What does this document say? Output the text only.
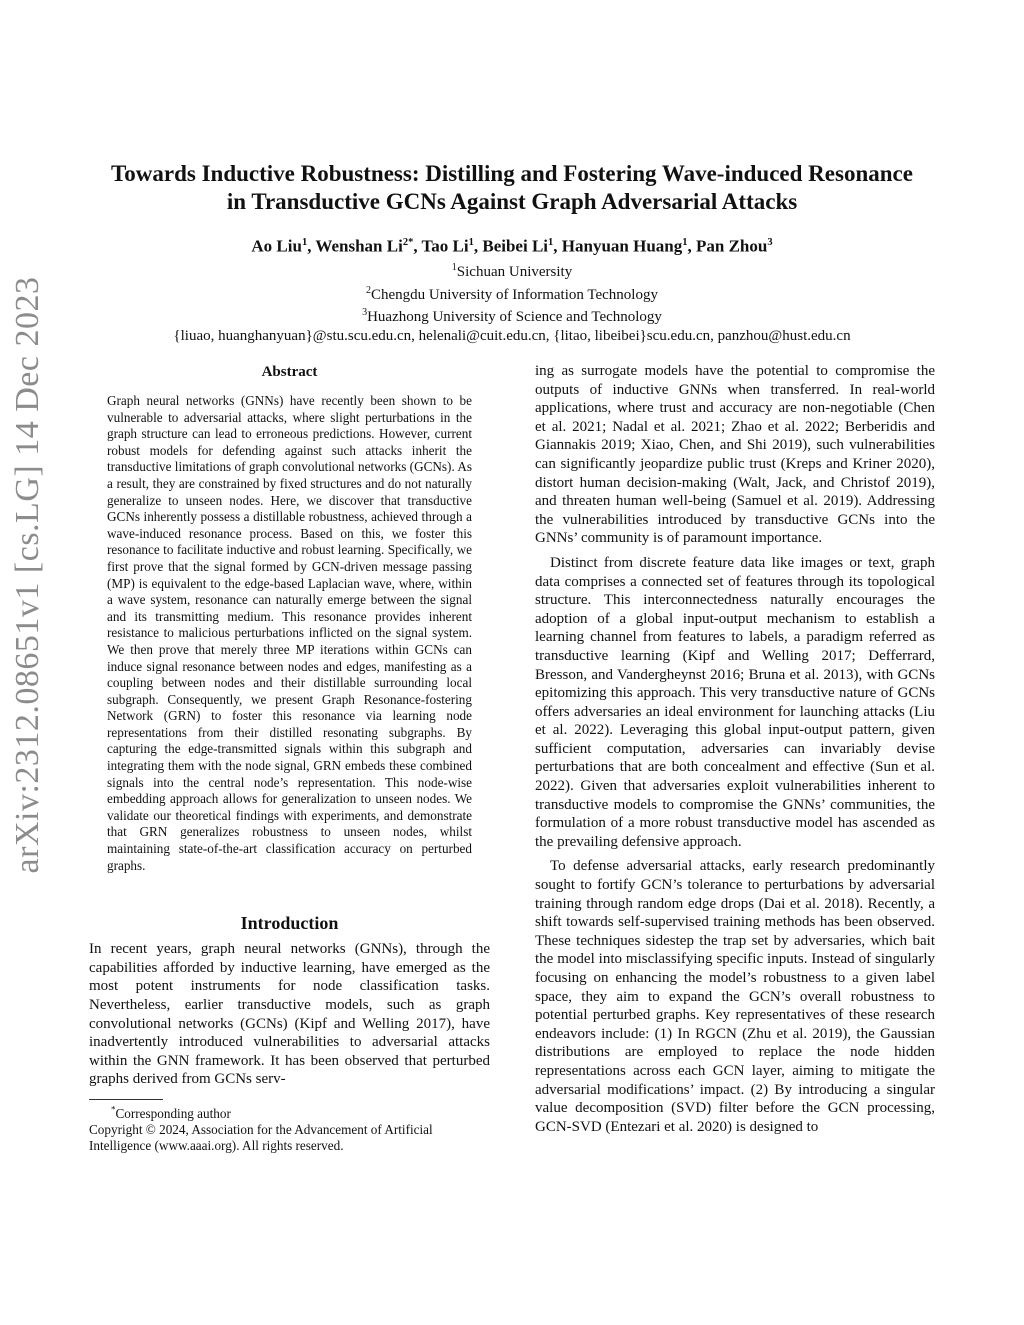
arXiv:2312.08651v1 [cs.LG] 14 Dec 2023
Towards Inductive Robustness: Distilling and Fostering Wave-induced Resonance
in Transductive GCNs Against Graph Adversarial Attacks
Ao Liu$^1$, Wenshan $Li^{2*}$, Tao Li$^1$, Beibei Li$^1$, Hanyuan Huang$^1$, Pan Zhou$^3$
$^1$Sichuan University
$^2$Chengdu University of Information Technology
$^3$Huazhong University of Science and Technology
{liuao, huanghanyuan}@stu.scu.edu.cn, helenali@cuit.edu.cn, {litao, libeibei}scu.edu.cn, panzhou@hust.edu.cn
Abstract

Graph neural networks (GNNs) have recently been shown to be vulnerable to adversarial attacks, where slight perturbations in the graph structure can lead to erroneous predictions. However, current robust models for defending against such attacks inherit the transductive limitations of graph convolutional networks (GCNs). As a result, they are constrained by fixed structures and do not naturally generalize to unseen nodes. Here, we discover that transductive GCNs inherently possess a distillable robustness, achieved through a wave-induced resonance process. Based on this, we foster this resonance to facilitate inductive and robust learning. Specifically, we first prove that the signal formed by GCN-driven message passing (MP) is equivalent to the edge-based Laplacian wave, where, within a wave system, resonance can naturally emerge between the signal and its transmitting medium. This resonance provides inherent resistance to malicious perturbations inflicted on the signal system. We then prove that merely three MP iterations within GCNs can induce signal resonance between nodes and edges, manifesting as a coupling between nodes and their distillable surrounding local subgraph. Consequently, we present Graph Resonance-fostering Network (GRN) to foster this resonance via learning node representations from their distilled resonating subgraphs. By capturing the edge-transmitted signals within this subgraph and integrating them with the node signal, GRN embeds these combined signals into the central node’s representation. This node-wise embedding approach allows for generalization to unseen nodes. We validate our theoretical findings with experiments, and demonstrate that GRN generalizes robustness to unseen nodes, whilst maintaining state-of-the-art classification accuracy on perturbed graphs.

Introduction

In recent years, graph neural networks (GNNs), through the capabilities afforded by inductive learning, have emerged as the most potent instruments for node classification tasks. Nevertheless, earlier transductive models, such as graph convolutional networks (GCNs) (Kipf and Welling 2017), have inadvertently introduced vulnerabilities to adversarial attacks within the GNN framework. It has been observed that perturbed graphs derived from GCNs serv-

*Corresponding author

Copyright © 2024, Association for the Advancement of Artificial Intelligence (www.aaai.org). All rights reserved.

ing as surrogate models have the potential to compromise the outputs of inductive GNNs when transferred. In real-world applications, where trust and accuracy are non-negotiable (Chen et al. 2021; Nadal et al. 2021; Zhao et al. 2022; Berberidis and Giannakis 2019; Xiao, Chen, and Shi 2019), such vulnerabilities can significantly jeopardize public trust (Kreps and Kriner 2020), distort human decision-making (Walt, Jack, and Christof 2019), and threaten human well-being (Samuel et al. 2019). Addressing the vulnerabilities introduced by transductive GCNs into the GNNs’ community is of paramount importance.

Distinct from discrete feature data like images or text, graph data comprises a connected set of features through its topological structure. This interconnectedness naturally encourages the adoption of a global input-output mechanism to establish a learning channel from features to labels, a paradigm referred as transductive learning (Kipf and Welling 2017; Defferrard, Bresson, and Vandergheynst 2016; Bruna et al. 2013), with GCNs epitomizing this approach. This very transductive nature of GCNs offers adversaries an ideal environment for launching attacks (Liu et al. 2022). Leveraging this global input-output pattern, given sufficient computation, adversaries can invariably devise perturbations that are both concealment and effective (Sun et al. 2022). Given that adversaries exploit vulnerabilities inherent to transductive models to compromise the GNNs’ communities, the formulation of a more robust transductive model has ascended as the prevailing defensive approach.

To defense adversarial attacks, early research predominantly sought to fortify GCN’s tolerance to perturbations by adversarial training through random edge drops (Dai et al. 2018). Recently, a shift towards self-supervised training methods has been observed. These techniques sidestep the trap set by adversaries, which bait the model into misclassifying specific inputs. Instead of singularly focusing on enhancing the model’s robustness to a given label space, they aim to expand the GCN’s overall robustness to potential perturbed graphs. Key representatives of these research endeavors include: (1) In RGCN (Zhu et al. 2019), the Gaussian distributions are employed to replace the node hidden representations across each GCN layer, aiming to mitigate the adversarial modifications’ impact. (2) By introducing a singular value decomposition (SVD) filter before the GCN processing, GCN-SVD (Entezari et al. 2020) is designed to
